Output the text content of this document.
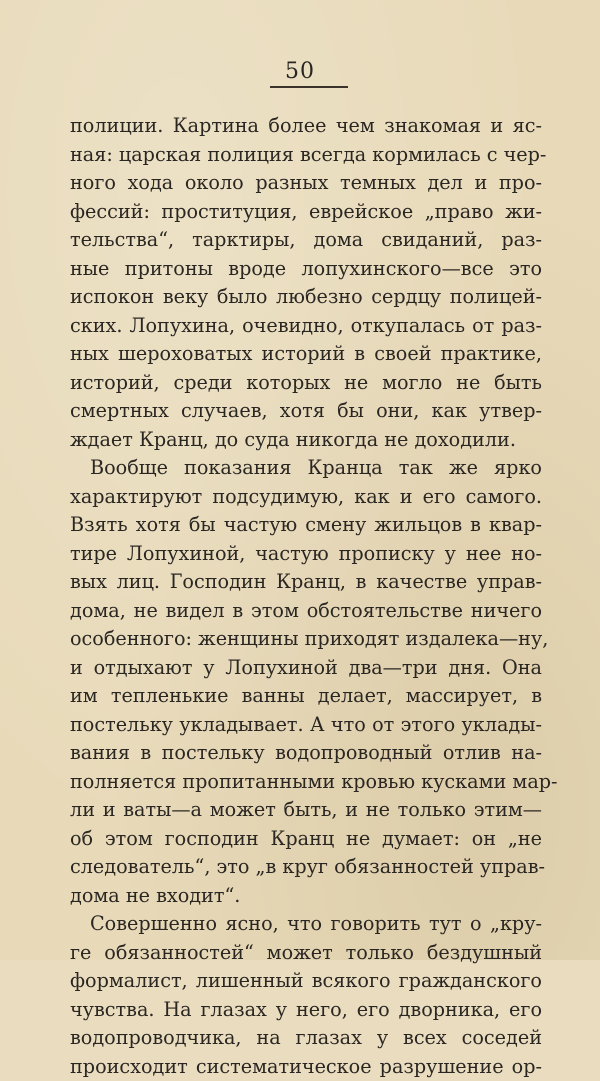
50
полиции. Картина более чем знакомая и яс-
ная: царская полиция всегда кормилась с чер-
ного хода около разных темных дел и про-
фессий: проституция, еврейское „право жи-
тельства“, тарктиры, дома свиданий, раз-
ные притоны вроде лопухинского—все это
испокон веку было любезно сердцу полицей-
ских. Лопухина, очевидно, откупалась от раз-
ных шероховатых историй в своей практике,
историй, среди которых не могло не быть
смертных случаев, хотя бы они, как утвер-
ждает Кранц, до суда никогда не доходили.
Вообще показания Кранца так же ярко
характируют подсудимую, как и его самого.
Взять хотя бы частую смену жильцов в квар-
тире Лопухиной, частую прописку у нее но-
вых лиц. Господин Кранц, в качестве управ-
дома, не видел в этом обстоятельстве ничего
особенного: женщины приходят издалека—ну,
и отдыхают у Лопухиной два—три дня. Она
им тепленькие ванны делает, массирует, в
постельку укладывает. А что от этого уклады-
вания в постельку водопроводный отлив на-
полняется пропитанными кровью кусками мар-
ли и ваты—а может быть, и не только этим—
об этом господин Кранц не думает: он „не
следователь“, это „в круг обязанностей управ-
дома не входит“.
Совершенно ясно, что говорить тут о „кру-
ге обязанностей“ может только бездушный
формалист, лишенный всякого гражданского
чувства. На глазах у него, его дворника, его
водопроводчика, на глазах у всех соседей
происходит систематическое разрушение ор-
